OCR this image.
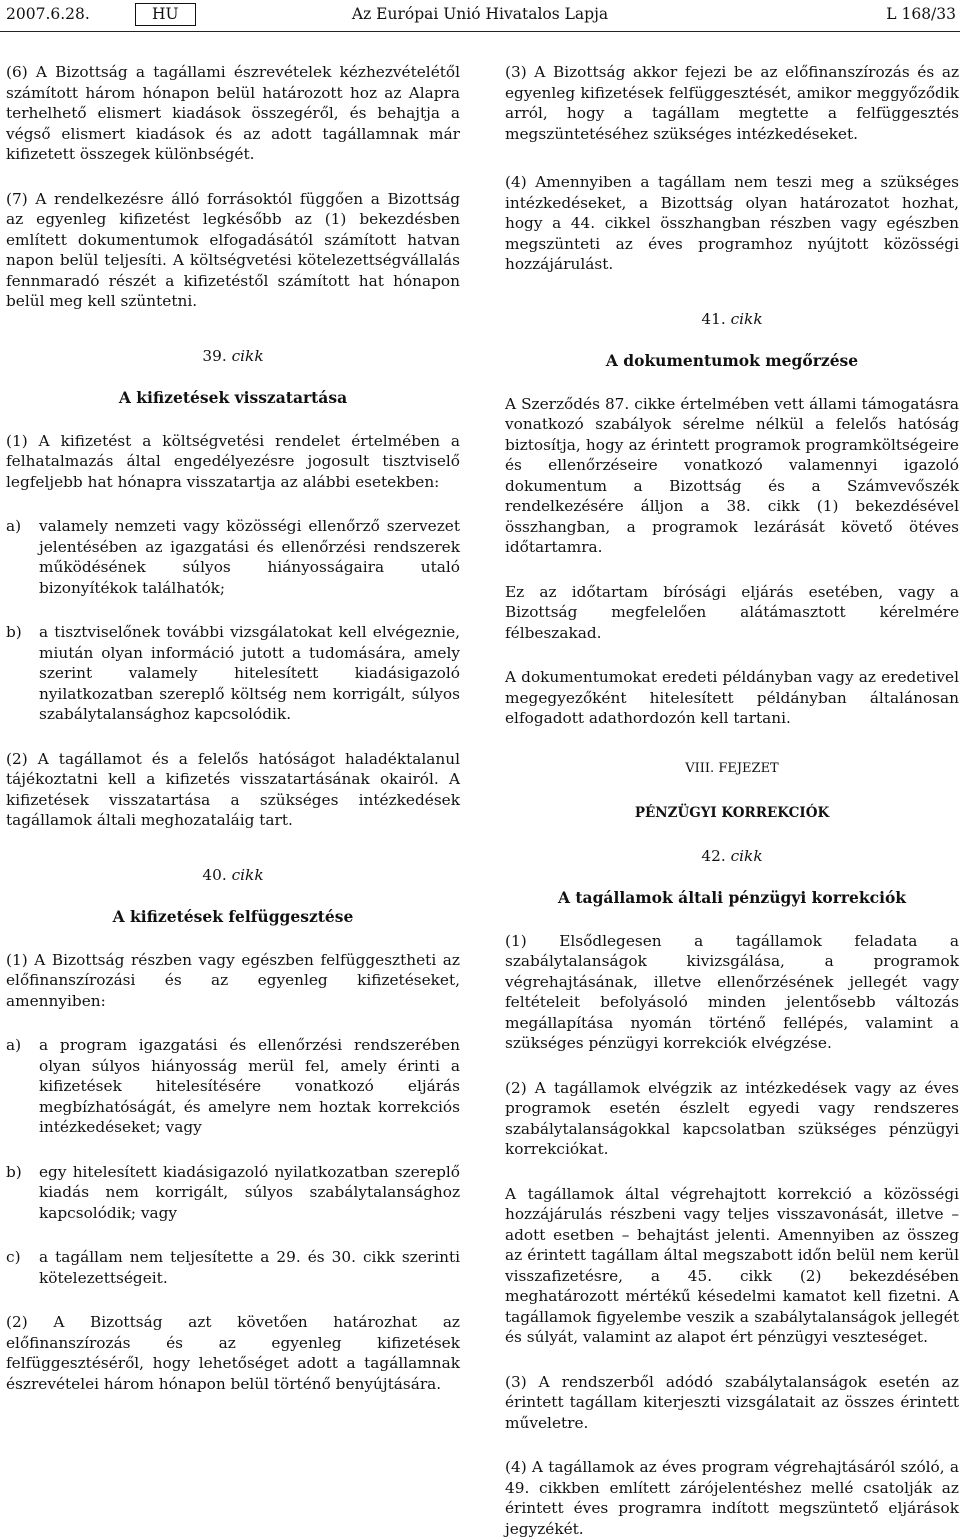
2007.6.28.	HU	Az Európai Unió Hivatalos Lapja	L 168/33

(6) A Bizottság a tagállami észrevételek kézhezvételétől számított három hónapon belül határozott hoz az Alapra terhelhető elismert kiadások összegéről, és behajtja a végső elismert kiadások és az adott tagállamnak már kifizetett összegek különbségét.

(7) A rendelkezésre álló forrásoktól függően a Bizottság az egyenleg kifizetést legkésőbb az (1) bekezdésben említett dokumentumok elfogadásától számított hatvan napon belül teljesíti. A költségvetési kötelezettségvállalás fennmaradó részét a kifizetéstől számított hat hónapon belül meg kell szüntetni.

39. cikk
A kifizetések visszatartása

(1) A kifizetést a költségvetési rendelet értelmében a felhatalmazás által engedélyezésre jogosult tisztviselő legfeljebb hat hónapra visszatartja az alábbi esetekben:

a)	valamely nemzeti vagy közösségi ellenőrző szervezet jelentésében az igazgatási és ellenőrzési rendszerek működésének súlyos hiányosságaira utaló bizonyítékok találhatók;
b)	a tisztviselőnek további vizsgálatokat kell elvégeznie, miután olyan információ jutott a tudomására, amely szerint valamely hitelesített kiadásigazoló nyilatkozatban szereplő költség nem korrigált, súlyos szabálytalansághoz kapcsolódik.

(2) A tagállamot és a felelős hatóságot haladéktalanul tájékoztatni kell a kifizetés visszatartásának okairól. A kifizetések visszatartása a szükséges intézkedések tagállamok általi meghozataláig tart.

40. cikk
A kifizetések felfüggesztése

(1) A Bizottság részben vagy egészben felfüggesztheti az előfinanszírozási és az egyenleg kifizetéseket, amennyiben:

a)	a program igazgatási és ellenőrzési rendszerében olyan súlyos hiányosság merül fel, amely érinti a kifizetések hitelesítésére vonatkozó eljárás megbízhatóságát, és amelyre nem hoztak korrekciós intézkedéseket; vagy
b)	egy hitelesített kiadásigazoló nyilatkozatban szereplő kiadás nem korrigált, súlyos szabálytalansághoz kapcsolódik; vagy
c)	a tagállam nem teljesítette a 29. és 30. cikk szerinti kötelezettségeit.

(2) A Bizottság azt követően határozhat az előfinanszírozás és az egyenleg kifizetések felfüggesztéséről, hogy lehetőséget adott a tagállamnak észrevételei három hónapon belül történő benyújtására.

(3) A Bizottság akkor fejezi be az előfinanszírozás és az egyenleg kifizetések felfüggesztését, amikor meggyőződik arról, hogy a tagállam megtette a felfüggesztés megszüntetéséhez szükséges intézkedéseket.

(4) Amennyiben a tagállam nem teszi meg a szükséges intézkedéseket, a Bizottság olyan határozatot hozhat, hogy a 44. cikkel összhangban részben vagy egészben megszünteti az éves programhoz nyújtott közösségi hozzájárulást.

41. cikk
A dokumentumok megőrzése

A Szerződés 87. cikke értelmében vett állami támogatásra vonatkozó szabályok sérelme nélkül a felelős hatóság biztosítja, hogy az érintett programok programköltségeire és ellenőrzéseire vonatkozó valamennyi igazoló dokumentum a Bizottság és a Számvevőszék rendelkezésére álljon a 38. cikk (1) bekezdésével összhangban, a programok lezárását követő ötéves időtartamra.

Ez az időtartam bírósági eljárás esetében, vagy a Bizottság megfelelően alátámasztott kérelmére félbeszakad.

A dokumentumokat eredeti példányban vagy az eredetivel megegyezőként hitelesített példányban általánosan elfogadott adathordozón kell tartani.

VIII. FEJEZET
PÉNZÜGYI KORREKCIÓK
42. cikk
A tagállamok általi pénzügyi korrekciók

(1) Elsődlegesen a tagállamok feladata a szabálytalanságok kivizsgálása, a programok végrehajtásának, illetve ellenőrzésének jellegét vagy feltételeit befolyásoló minden jelentősebb változás megállapítása nyomán történő fellépés, valamint a szükséges pénzügyi korrekciók elvégzése.

(2) A tagállamok elvégzik az intézkedések vagy az éves programok esetén észlelt egyedi vagy rendszeres szabálytalanságokkal kapcsolatban szükséges pénzügyi korrekciókat.

A tagállamok által végrehajtott korrekció a közösségi hozzájárulás részbeni vagy teljes visszavonását, illetve – adott esetben – behajtást jelenti. Amennyiben az összeg az érintett tagállam által megszabott időn belül nem kerül visszafizetésre, a 45. cikk (2) bekezdésében meghatározott mértékű késedelmi kamatot kell fizetni. A tagállamok figyelembe veszik a szabálytalanságok jellegét és súlyát, valamint az alapot ért pénzügyi veszteséget.

(3) A rendszerből adódó szabálytalanságok esetén az érintett tagállam kiterjeszti vizsgálatait az összes érintett műveletre.

(4) A tagállamok az éves program végrehajtásáról szóló, a 49. cikkben említett zárójelentéshez mellé csatolják az érintett éves programra indított megszüntető eljárások jegyzékét.
